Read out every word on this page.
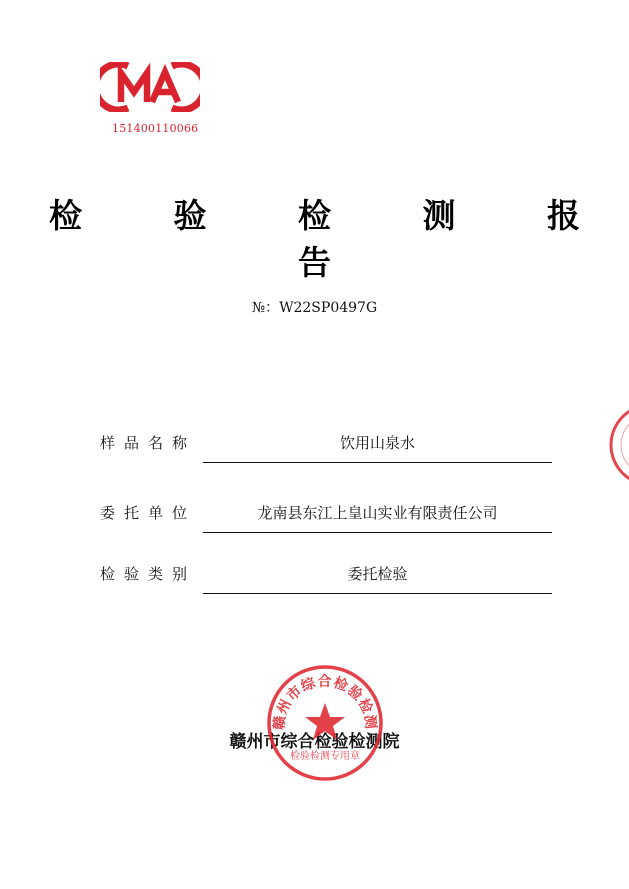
151400110066
检 验 检 测 报 告
№：W22SP0497G
样品名称	饮用山泉水
委托单位	龙南县东江上皇山实业有限责任公司
检验类别	委托检验
赣州市综合检验检测院
赣州市综合检验检测
检验检测专用章
